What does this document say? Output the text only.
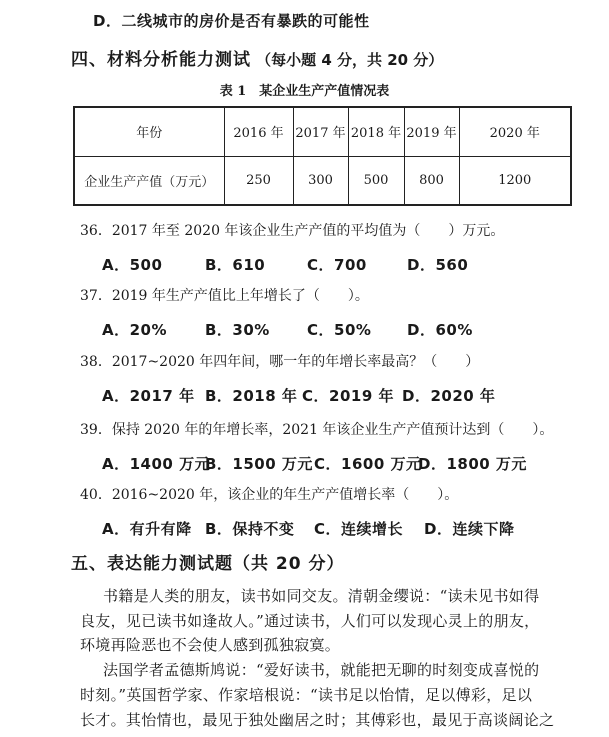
D．二线城市的房价是否有暴跌的可能性
四、材料分析能力测试 （每小题 4 分，共 20 分）
表 1　某企业生产产值情况表
年份	2016 年	2017 年	2018 年	2019 年	2020 年
企业生产产值（万元）	250	300	500	800	1200
36．2017 年至 2020 年该企业生产产值的平均值为（　　）万元。
A．500	B．610	C．700	D．560
37．2019 年生产产值比上年增长了（　　）。
A．20%	B．30% C．50% D．60%
38．2017~2020 年四年间，哪一年的年增长率最高？（　　）
A．2017 年 B．2018 年 C．2019 年 D．2020 年
39．保持 2020 年的年增长率，2021 年该企业生产产值预计达到（　　）。
A．1400 万元
B．1500 万元 C．1600 万元
D．1800 万元
40．2016~2020 年，该企业的年生产产值增长率（　　）。
A．有升有降 B．保持不变 C．连续增长 D．连续下降
五、表达能力测试题（共 20 分）
书籍是人类的朋友，读书如同交友。清朝金缨说：“读未见书如得
良友，见已读书如逢故人。”通过读书，人们可以发现心灵上的朋友，
环境再险恶也不会使人感到孤独寂寞。
法国学者孟德斯鸠说：“爱好读书，就能把无聊的时刻变成喜悦的
时刻。”英国哲学家、作家培根说：“读书足以怡情，足以傅彩，足以
长才。其怡情也，最见于独处幽居之时；其傅彩也，最见于高谈阔论之
